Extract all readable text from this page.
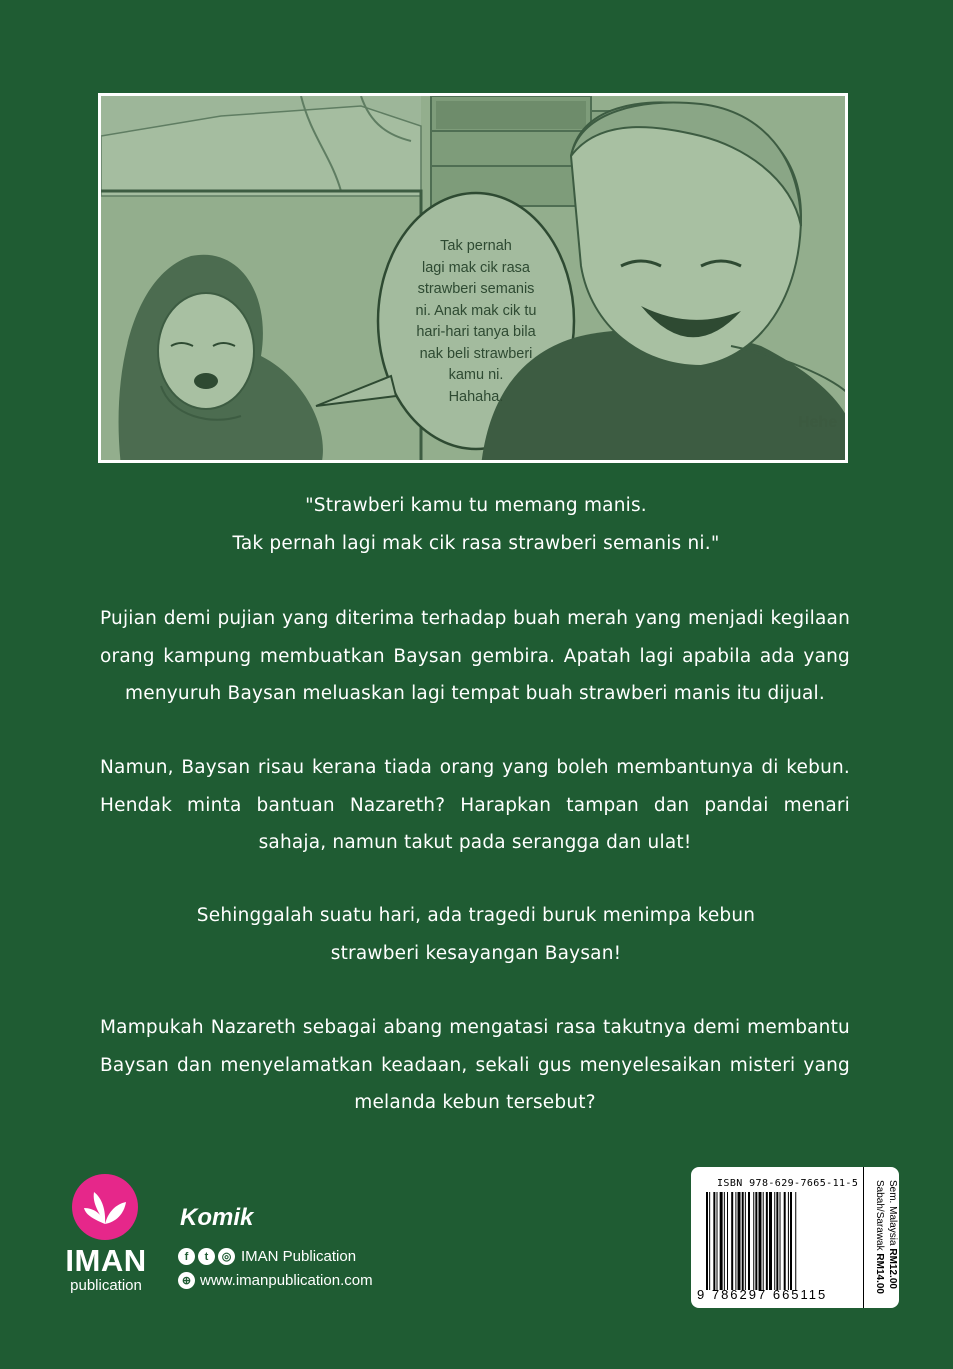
Tak pernah
lagi mak cik rasa
strawberi semanis
ni. Anak mak cik tu
hari-hari tanya bila
nak beli strawberi
kamu ni.
Hahaha.
Hehe

"Strawberi kamu tu memang manis.

Tak pernah lagi mak cik rasa strawberi semanis ni."

Pujian demi pujian yang diterima terhadap buah merah yang menjadi kegilaan orang kampung membuatkan Baysan gembira. Apatah lagi apabila ada yang menyuruh Baysan meluaskan lagi tempat buah strawberi manis itu dijual.

Namun, Baysan risau kerana tiada orang yang boleh membantunya di kebun. Hendak minta bantuan Nazareth? Harapkan tampan dan pandai menari sahaja, namun takut pada serangga dan ulat!

Sehinggalah suatu hari, ada tragedi buruk menimpa kebun strawberi kesayangan Baysan!

Mampukah Nazareth sebagai abang mengatasi rasa takutnya demi membantu Baysan dan menyelamatkan keadaan, sekali gus menyelesaikan misteri yang melanda kebun tersebut?

IMAN
publication
Komik
f	t	◎ IMAN Publication
⊕ www.imanpublication.com
ISBN 978-629-7665-11-5
9 786297 665115
Sem. Malaysia RM12.00
Sabah/Sarawak RM14.00
